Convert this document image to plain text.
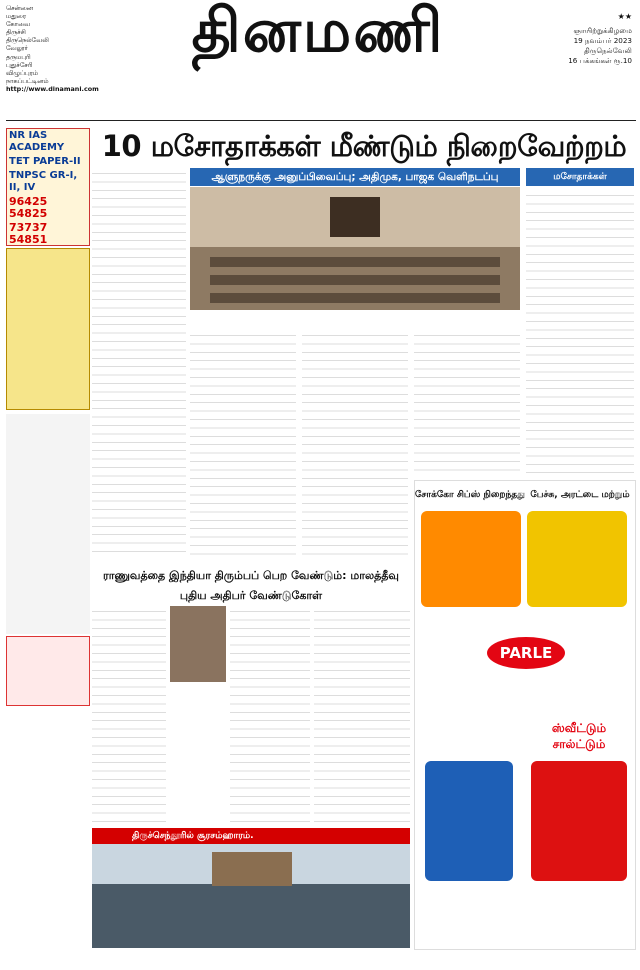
சென்னை
மதுரை
கோவை
திருச்சி
திருநெல்வேலி
வேலூர்
தருமபுரி
புதுச்சேரி
விழுப்புரம்
நாகப்பட்டினம்
http://www.dinamani.com
தினமணி	★★
ஞாயிற்றுக்கிழமை
19 நவம்பர் 2023
திருநெல்வேலி
16 பக்கங்கள் ரூ.10
NR IAS ACADEMY
TET PAPER-II
TNPSC GR-I, II, IV
96425 54825
73737 54851
10 மசோதாக்கள் மீண்டும் நிறைவேற்றம்
ஆளுநருக்கு அனுப்பிவைப்பு; அதிமுக, பாஜக வெளிநடப்பு	மசோதாக்கள்
ராணுவத்தை இந்தியா திரும்பப் பெற வேண்டும்: மாலத்தீவு புதிய அதிபர் வேண்டுகோள்
சோக்கோ சிப்ஸ் நிறைந்தது பேச்சு, அரட்டை மற்றும்
PARLE
ஸ்வீட்டும் சால்ட்டும்
திருச்செந்தூரில் சூரசம்ஹாரம்.
